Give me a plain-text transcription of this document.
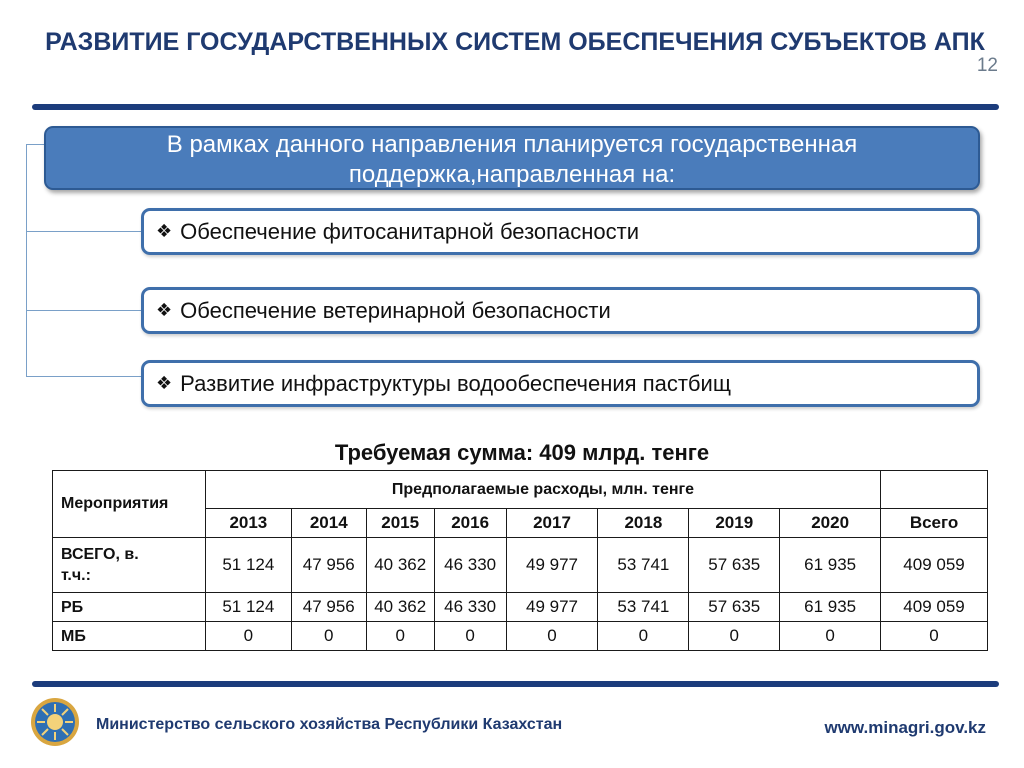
РАЗВИТИЕ ГОСУДАРСТВЕННЫХ СИСТЕМ ОБЕСПЕЧЕНИЯ СУБЪЕКТОВ АПК
12
В рамках данного направления планируется государственная
поддержка,направленная на:
❖ Обеспечение фитосанитарной безопасности
❖ Обеспечение ветеринарной безопасности
❖ Развитие инфраструктуры водообеспечения пастбищ
Требуемая сумма: 409 млрд. тенге
Мероприятия	Предполагаемые расходы, млн. тенге								
	2013	2014	2015	2016	2017	2018	2019	2020	Всего

ВСЕГО, в.
т.ч.:	51 124	47 956	40 362	46 330	49 977	53 741	57 635	61 935	409 059
РБ	51 124	47 956	40 362	46 330	49 977	53 741	57 635	61 935	409 059
МБ	0	0	0	0	0	0	0	0	0
Министерство сельского хозяйства Республики Казахстан	www.minagri.gov.kz
